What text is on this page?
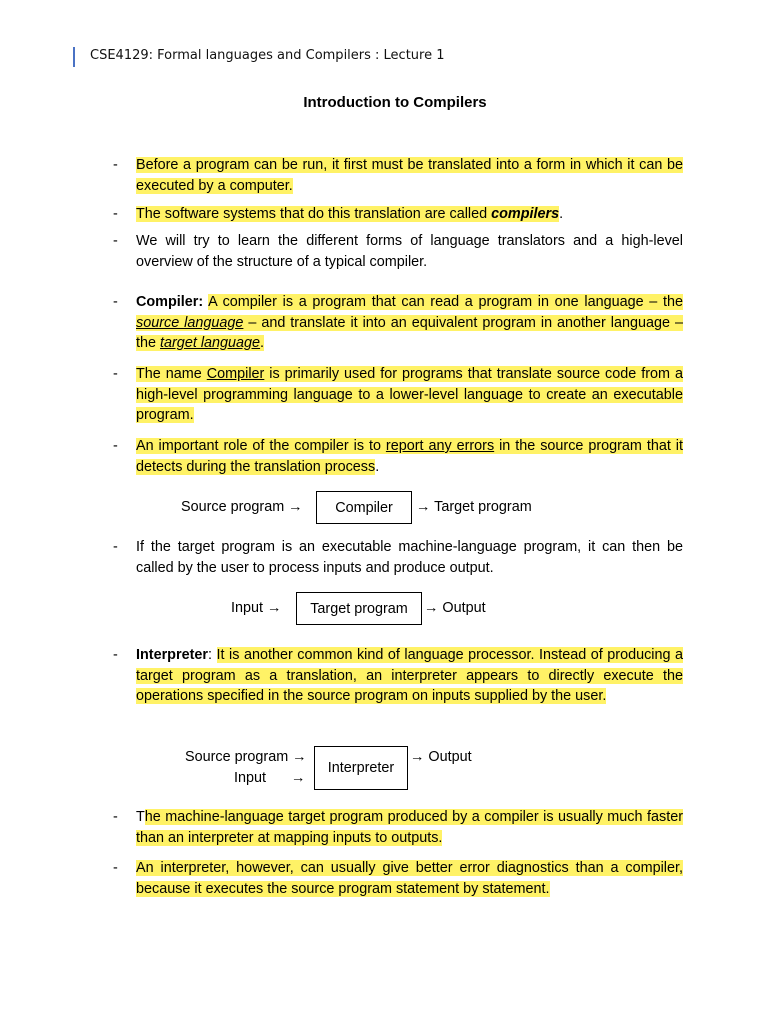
CSE4129: Formal languages and Compilers : Lecture 1
Introduction to Compilers
-	Before a program can be run, it first must be translated into a form in which it can be executed by a computer.
-	The software systems that do this translation are called compilers.
-	We will try to learn the different forms of language translators and a high-level overview of the structure of a typical compiler.
-	Compiler: A compiler is a program that can read a program in one language – the source language – and translate it into an equivalent program in another language – the target language.
-	The name Compiler is primarily used for programs that translate source code from a high-level programming language to a lower-level language to create an executable program.
-	An important role of the compiler is to report any errors in the source program that it detects during the translation process.
Source program → Compiler → Target program
-	If the target program is an executable machine-language program, it can then be called by the user to process inputs and produce output.
Input → Target program → Output
-	Interpreter: It is another common kind of language processor. Instead of producing a target program as a translation, an interpreter appears to directly execute the operations specified in the source program on inputs supplied by the user.
Source program →
Input →
Interpreter
→ Output
-	The machine-language target program produced by a compiler is usually much faster than an interpreter at mapping inputs to outputs.
-	An interpreter, however, can usually give better error diagnostics than a compiler, because it executes the source program statement by statement.
